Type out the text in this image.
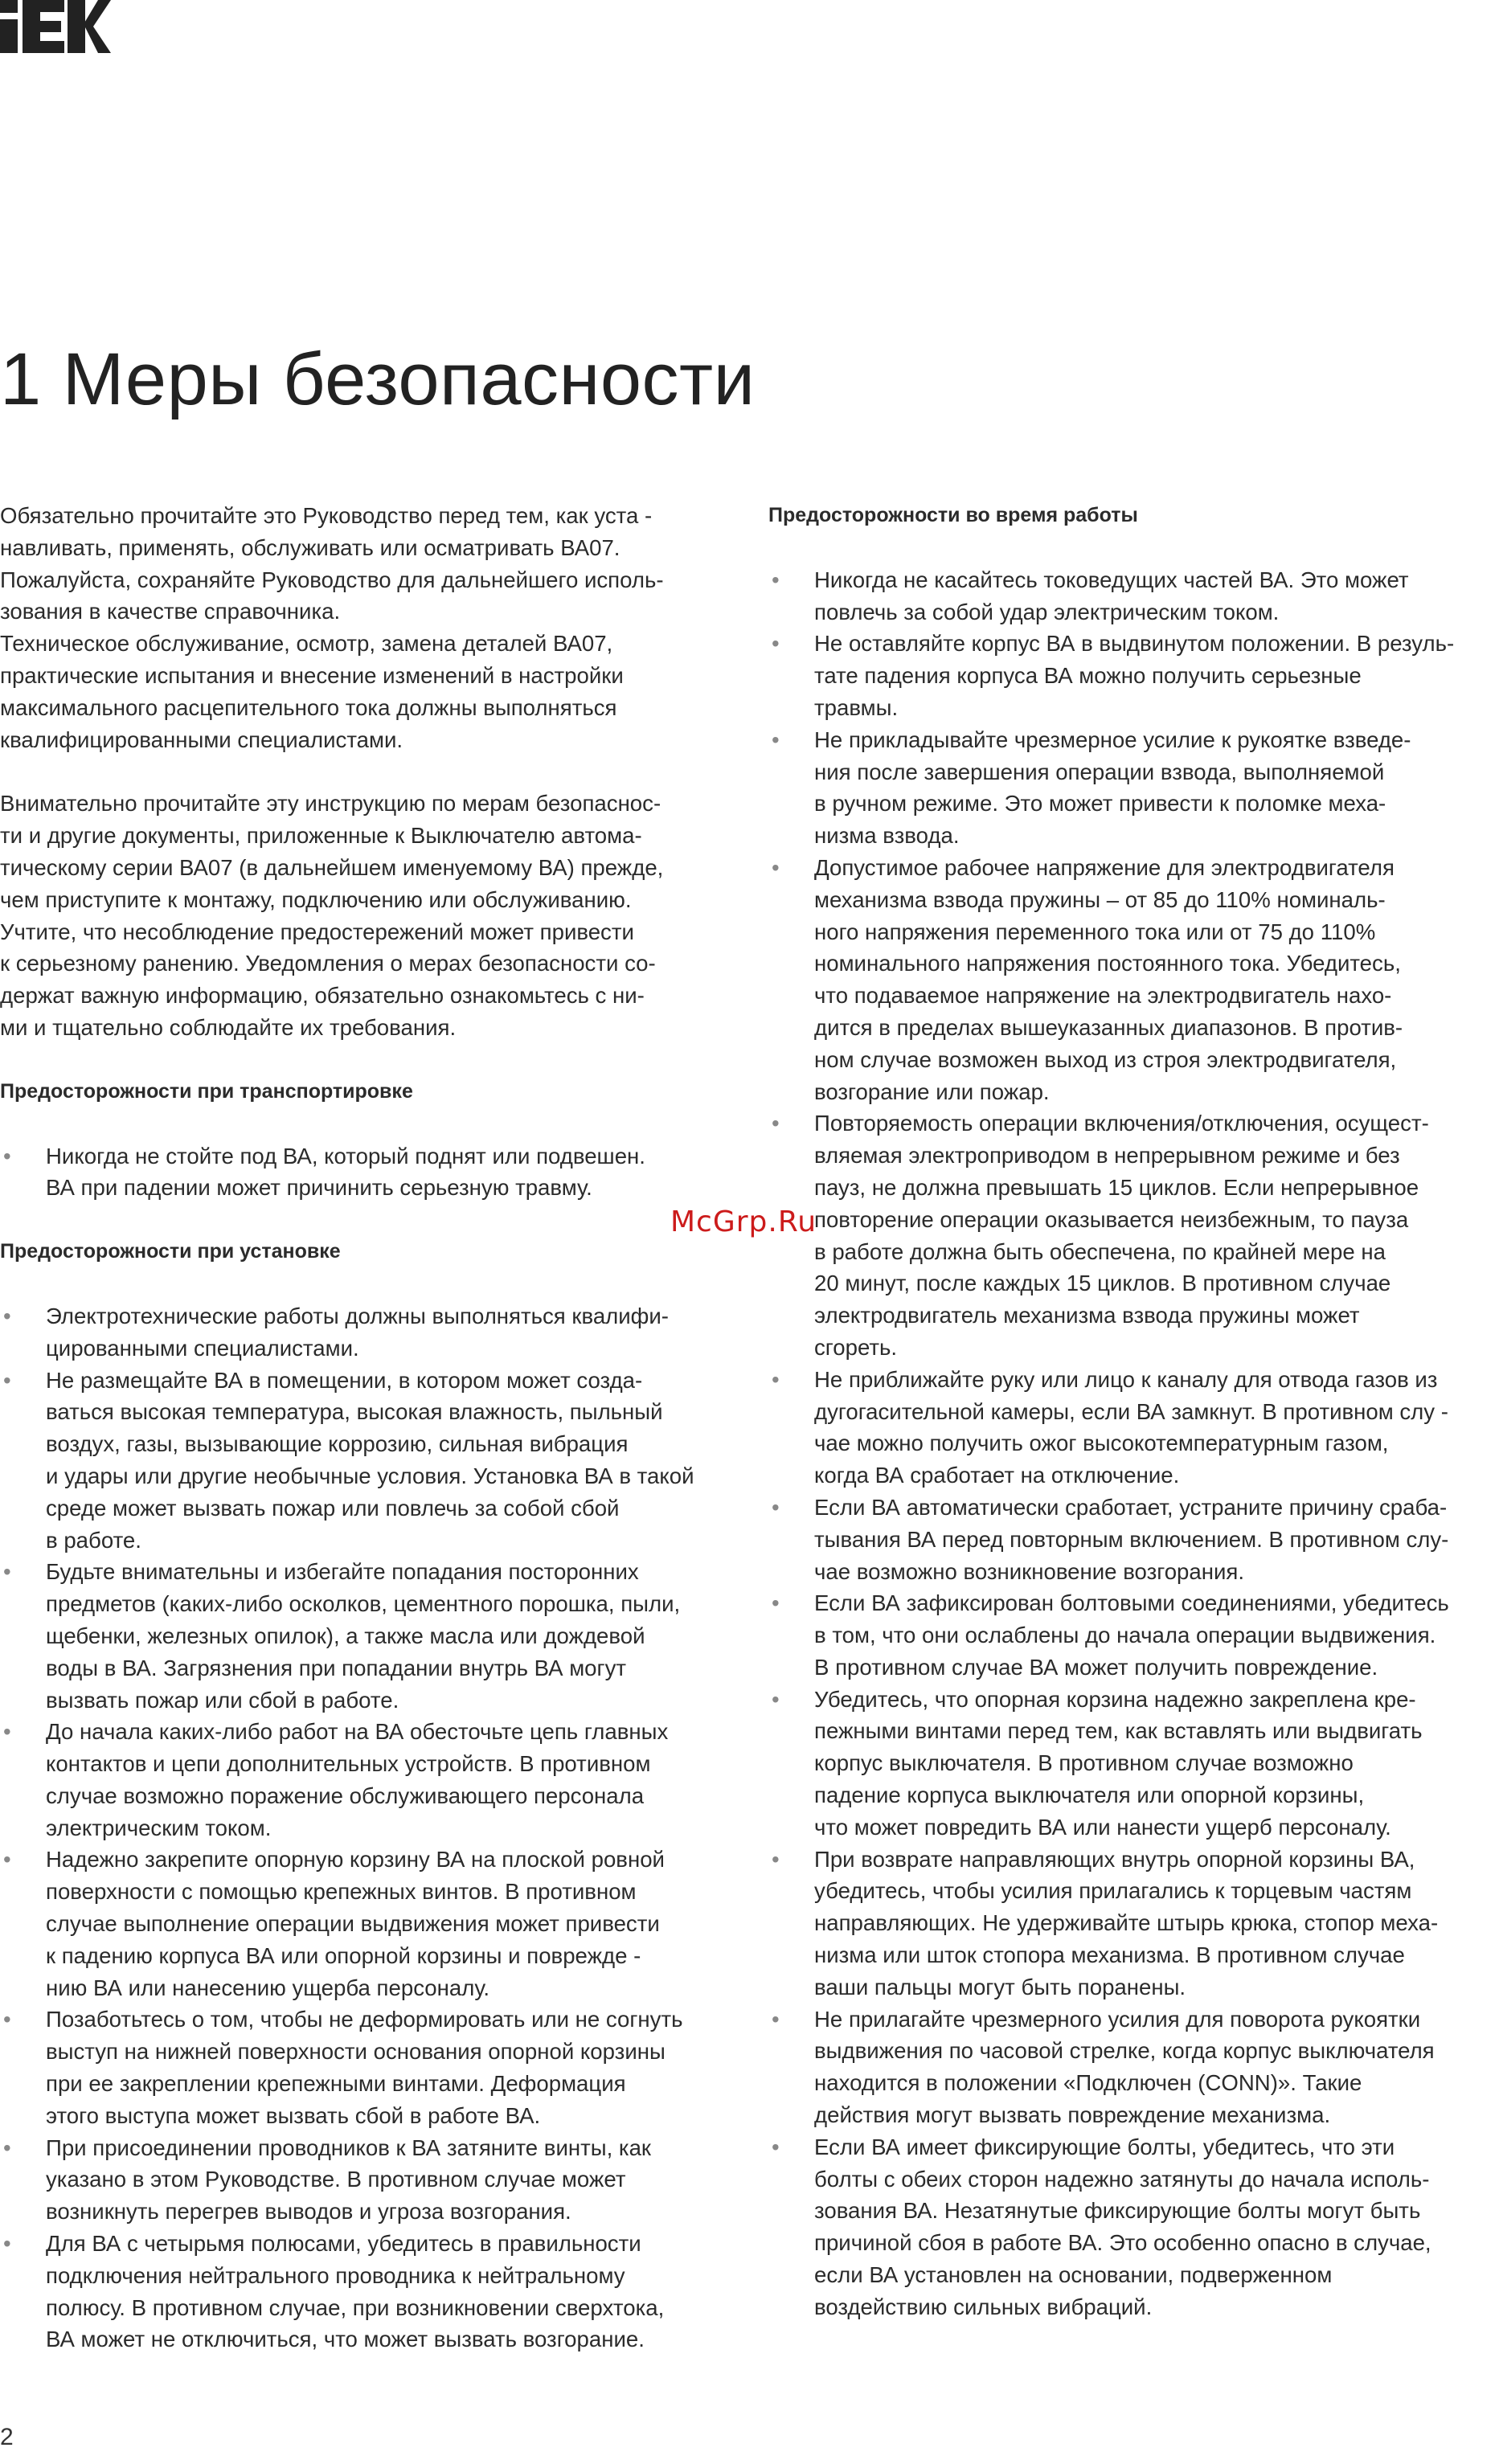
1 Меры безопасности

Обязательно прочитайте это Руководство перед тем, как уста -
навливать, применять, обслуживать или осматривать ВА07.
Пожалуйста, сохраняйте Руководство для дальнейшего исполь-
зования в качестве справочника.
Техническое обслуживание, осмотр, замена деталей ВА07,
практические испытания и внесение изменений в настройки
максимального расцепительного тока должны выполняться
квалифицированными специалистами.

Внимательно прочитайте эту инструкцию по мерам безопаснос-
ти и другие документы, приложенные к Выключателю автома-
тическому серии ВА07 (в дальнейшем именуемому ВА) прежде,
чем приступите к монтажу, подключению или обслуживанию.
Учтите, что несоблюдение предостережений может привести
к серьезному ранению. Уведомления о мерах безопасности со-
держат важную информацию, обязательно ознакомьтесь с ни-
ми и тщательно соблюдайте их требования.

Предосторожности при транспортировке
• Никогда не стойте под ВА, который поднят или подвешен.
ВА при падении может причинить серьезную травму.
Предосторожности при установке
• Электротехнические работы должны выполняться квалифи-
цированными специалистами.
• Не размещайте ВА в помещении, в котором может созда-
ваться высокая температура, высокая влажность, пыльный
воздух, газы, вызывающие коррозию, сильная вибрация
и удары или другие необычные условия. Установка ВА в такой
среде может вызвать пожар или повлечь за собой сбой
в работе.
• Будьте внимательны и избегайте попадания посторонних
предметов (каких-либо осколков, цементного порошка, пыли,
щебенки, железных опилок), а также масла или дождевой
воды в ВА. Загрязнения при попадании внутрь ВА могут
вызвать пожар или сбой в работе.
• До начала каких-либо работ на ВА обесточьте цепь главных
контактов и цепи дополнительных устройств. В противном
случае возможно поражение обслуживающего персонала
электрическим током.
• Надежно закрепите опорную корзину ВА на плоской ровной
поверхности с помощью крепежных винтов. В противном
случае выполнение операции выдвижения может привести
к падению корпуса ВА или опорной корзины и поврежде -
нию ВА или нанесению ущерба персоналу.
• Позаботьтесь о том, чтобы не деформировать или не согнуть
выступ на нижней поверхности основания опорной корзины
при ее закреплении крепежными винтами. Деформация
этого выступа может вызвать сбой в работе ВА.
• При присоединении проводников к ВА затяните винты, как
указано в этом Руководстве. В противном случае может
возникнуть перегрев выводов и угроза возгорания.
• Для ВА с четырьмя полюсами, убедитесь в правильности
подключения нейтрального проводника к нейтральному
полюсу. В противном случае, при возникновении сверхтока,
ВА может не отключиться, что может вызвать возгорание.
Предосторожности во время работы
• Никогда не касайтесь токоведущих частей ВА. Это может
повлечь за собой удар электрическим током.
• Не оставляйте корпус ВА в выдвинутом положении. В резуль-
тате падения корпуса ВА можно получить серьезные
травмы.
• Не прикладывайте чрезмерное усилие к рукоятке взведе-
ния после завершения операции взвода, выполняемой
в ручном режиме. Это может привести к поломке меха-
низма взвода.
• Допустимое рабочее напряжение для электродвигателя
механизма взвода пружины – от 85 до 110% номиналь-
ного напряжения переменного тока или от 75 до 110%
номинального напряжения постоянного тока. Убедитесь,
что подаваемое напряжение на электродвигатель нахо-
дится в пределах вышеуказанных диапазонов. В против-
ном случае возможен выход из строя электродвигателя,
возгорание или пожар.
• Повторяемость операции включения/отключения, осущест-
вляемая электроприводом в непрерывном режиме и без
пауз, не должна превышать 15 циклов. Если непрерывное
повторение операции оказывается неизбежным, то пауза
в работе должна быть обеспечена, по крайней мере на
20 минут, после каждых 15 циклов. В противном случае
электродвигатель механизма взвода пружины может
сгореть.
• Не приближайте руку или лицо к каналу для отвода газов из
дугогасительной камеры, если ВА замкнут. В противном слу -
чае можно получить ожог высокотемпературным газом,
когда ВА сработает на отключение.
• Если ВА автоматически сработает, устраните причину сраба-
тывания ВА перед повторным включением. В противном слу-
чае возможно возникновение возгорания.
• Если ВА зафиксирован болтовыми соединениями, убедитесь
в том, что они ослаблены до начала операции выдвижения.
В противном случае ВА может получить повреждение.
• Убедитесь, что опорная корзина надежно закреплена кре-
пежными винтами перед тем, как вставлять или выдвигать
корпус выключателя. В противном случае возможно
падение корпуса выключателя или опорной корзины,
что может повредить ВА или нанести ущерб персоналу.
• При возврате направляющих внутрь опорной корзины ВА,
убедитесь, чтобы усилия прилагались к торцевым частям
направляющих. Не удерживайте штырь крюка, стопор меха-
низма или шток стопора механизма. В противном случае
ваши пальцы могут быть поранены.
• Не прилагайте чрезмерного усилия для поворота рукоятки
выдвижения по часовой стрелке, когда корпус выключателя
находится в положении «Подключен (CONN)». Такие
действия могут вызвать повреждение механизма.
• Если ВА имеет фиксирующие болты, убедитесь, что эти
болты с обеих сторон надежно затянуты до начала исполь-
зования ВА. Незатянутые фиксирующие болты могут быть
причиной сбоя в работе ВА. Это особенно опасно в случае,
если ВА установлен на основании, подверженном
воздействию сильных вибраций.
McGrp.Ru
2
